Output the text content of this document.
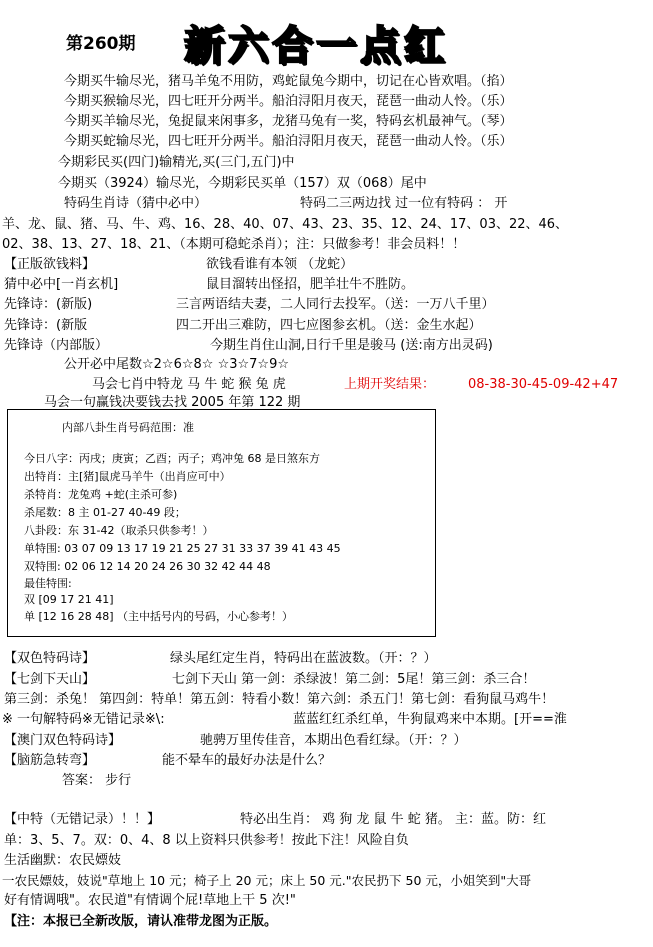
第260期 新六合一点红
今期买牛输尽光，猪马羊兔不用防，鸡蛇鼠兔今期中，切记在心皆欢唱。（掐）
今期买猴输尽光，四七旺开分两半。船泊浔阳月夜天，琵琶一曲动人怜。（乐）
今期买羊输尽光，兔捉鼠来闲事多，龙猪马兔有一奖，特码玄机最神气。（琴）
今期买蛇输尽光，四七旺开分两半。船泊浔阳月夜天，琵琶一曲动人怜。（乐）
今期彩民买(四门)输精光,买(三门,五门)中
今期买（3924）输尽光，今期彩民买单（157）双（068）尾中
特码生肖诗（猜中必中）	特码二三两边找 过一位有特码 ： 开
羊、龙、鼠、猪、马、牛、鸡、16、28、40、07、43、23、35、12、24、17、03、22、46、
02、38、13、27、18、21、（本期可稳蛇杀肖）；注：只做参考！非会员料！！
【正版欲钱料】	欲钱看谁有本领 （龙蛇）
猜中必中[一肖玄机]	鼠目溜转出怪招，肥羊壮牛不胜防。
先锋诗：(新版)	三言两语结夫妻，二人同行去投军。（送：一万八千里）
先锋诗：(新版	四二开出三难防，四七应图参玄机。（送：金生水起）
先锋诗（内部版）	今期生肖住山洞,日行千里是骏马 (送:南方出灵码)
公开必中尾数☆2☆6☆8☆ ☆3☆7☆9☆
马会七肖中特龙 马 牛 蛇 猴 兔 虎	上期开奖结果：	08-38-30-45-09-42+47
马会一句赢钱决要钱去找 2005 年第 122 期
内部八卦生肖号码范围：准
今日八字：丙戌；庚寅；乙酉；丙子；鸡冲兔 68 是日煞东方
出特肖：主[猪]鼠虎马羊牛（出肖应可中）
杀特肖：龙兔鸡 +蛇(主杀可参)
杀尾数：8 主 01-27 40-49 段；
八卦段：东 31-42（取杀只供参考！）
单特围: 03 07 09 13 17 19 21 25 27 31 33 37 39 41 43 45
双特围: 02 06 12 14 20 24 26 30 32 42 44 48
最佳特围:
双 [09 17 21 41]
单 [12 16 28 48] （主中括号内的号码，小心参考！）
【双色特码诗】	绿头尾红定生肖，特码出在蓝波数。（开：？）
【七剑下天山】	七剑下天山 第一剑：杀绿波！第二剑：5尾！第三剑：杀三合！
第三剑：杀兔！ 第四剑：特单！第五剑：特看小数！第六剑：杀五门！第七剑：看狗鼠马鸡牛！
※ 一句解特码※无错记录※\:	蓝蓝红红杀红单，牛狗鼠鸡来中本期。[开==淮
【澳门双色特码诗】	驰骋万里传佳音，本期出色看红绿。（开：？）
【脑筋急转弯】	能不晕车的最好办法是什么？
答案： 步行
【中特（无错记录）！！】	特必出生肖： 鸡 狗 龙 鼠 牛 蛇 猪。 主：蓝。防：红
单：3、5、7。双：0、4、8 以上资料只供参考！按此下注！风险自负
生活幽默：农民嫖妓
一农民嫖妓，妓说"草地上 10 元；椅子上 20 元；床上 50 元."农民扔下 50 元，小姐笑到"大哥
好有情调哦"。农民道"有情调个屁!草地上干 5 次!"
【注：本报已全新改版，请认准带龙图为正版。
